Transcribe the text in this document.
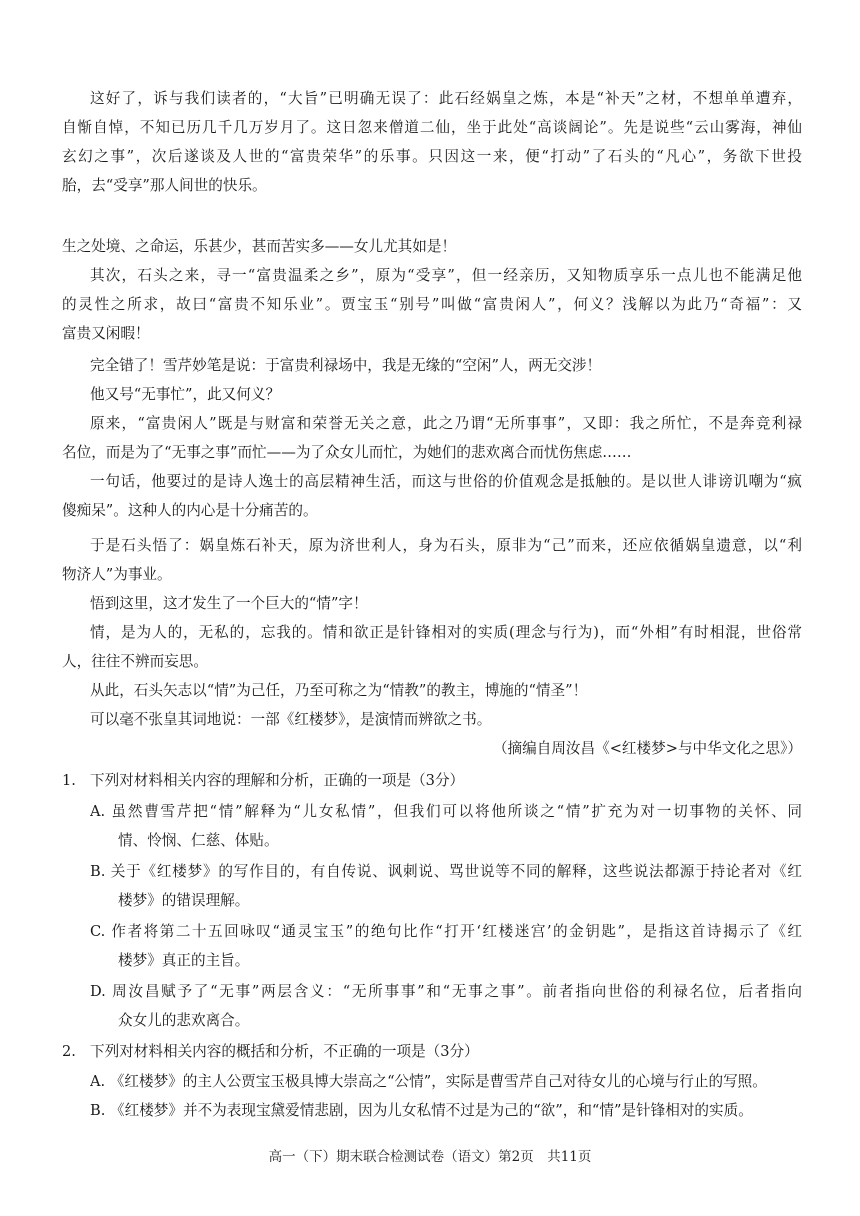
这好了，诉与我们读者的，“大旨”已明确无误了：此石经娲皇之炼，本是“补天”之材，不想单单遭弃，
自惭自悼，不知已历几千几万岁月了。这日忽来僧道二仙，坐于此处“高谈阔论”。先是说些“云山雾海，神仙
玄幻之事”，次后遂谈及人世的“富贵荣华”的乐事。只因这一来，便“打动”了石头的“凡心”，务欲下世投
胎，去“受享”那人间世的快乐。
生之处境、之命运，乐甚少，甚而苦实多——女儿尤其如是！
其次，石头之来，寻一“富贵温柔之乡”，原为“受享”，但一经亲历，又知物质享乐一点儿也不能满足他
的灵性之所求，故曰“富贵不知乐业”。贾宝玉“别号”叫做“富贵闲人”，何义？浅解以为此乃“奇福”：又
富贵又闲暇！
完全错了！雪芹妙笔是说：于富贵利禄场中，我是无缘的“空闲”人，两无交涉！
他又号“无事忙”，此又何义？
原来，“富贵闲人”既是与财富和荣誉无关之意，此之乃谓“无所事事”，又即：我之所忙，不是奔竞利禄
名位，而是为了“无事之事”而忙——为了众女儿而忙，为她们的悲欢离合而忧伤焦虑……
一句话，他要过的是诗人逸士的高层精神生活，而这与世俗的价值观念是抵触的。是以世人诽谤讥嘲为“疯
傻痴呆”。这种人的内心是十分痛苦的。
于是石头悟了：娲皇炼石补天，原为济世利人，身为石头，原非为“己”而来，还应依循娲皇遗意，以“利
物济人”为事业。
悟到这里，这才发生了一个巨大的“情”字！
情，是为人的，无私的，忘我的。情和欲正是针锋相对的实质(理念与行为)，而“外相”有时相混，世俗常
人，往往不辨而妄思。
从此，石头矢志以“情”为己任，乃至可称之为“情教”的教主，博施的“情圣”！
可以毫不张皇其词地说：一部《红楼梦》，是演情而辨欲之书。
（摘编自周汝昌《<红楼梦>与中华文化之思》）
1. 下列对材料相关内容的理解和分析，正确的一项是（3分）
A. 虽然曹雪芹把“情”解释为“儿女私情”，但我们可以将他所谈之“情”扩充为对一切事物的关怀、同
情、怜悯、仁慈、体贴。
B. 关于《红楼梦》的写作目的，有自传说、讽刺说、骂世说等不同的解释，这些说法都源于持论者对《红
楼梦》的错误理解。
C. 作者将第二十五回咏叹“通灵宝玉”的绝句比作“打开‘红楼迷宫’的金钥匙”，是指这首诗揭示了《红
楼梦》真正的主旨。
D. 周汝昌赋予了“无事”两层含义：“无所事事”和“无事之事”。前者指向世俗的利禄名位，后者指向
众女儿的悲欢离合。
2. 下列对材料相关内容的概括和分析，不正确的一项是（3分）
A. 《红楼梦》的主人公贾宝玉极具博大崇高之“公情”，实际是曹雪芹自己对待女儿的心境与行止的写照。
B. 《红楼梦》并不为表现宝黛爱情悲剧，因为儿女私情不过是为己的“欲”，和“情”是针锋相对的实质。
高一（下）期末联合检测试卷（语文）第2页　共11页
